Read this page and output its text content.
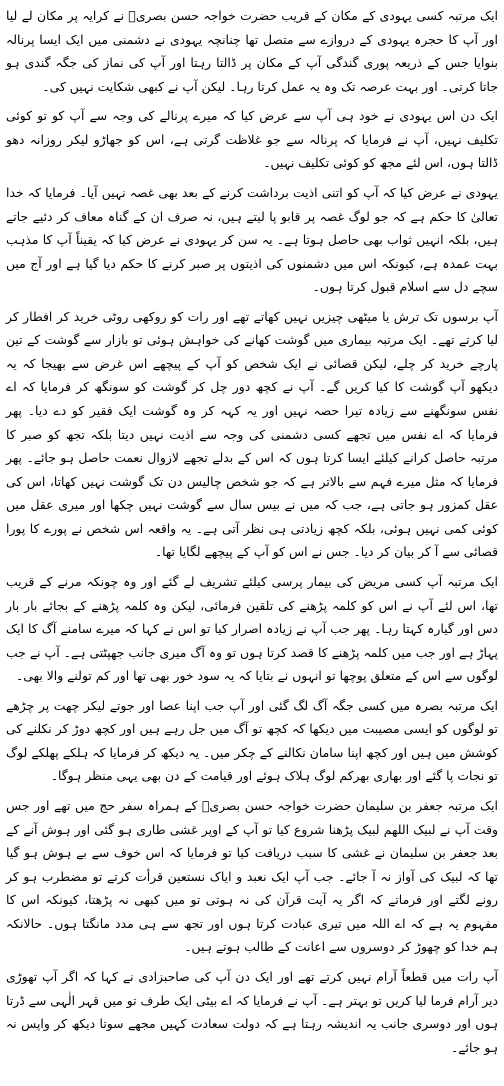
ایک مرتبہ کسی یہودی کے مکان کے قریب حضرت خواجہ حسن بصریؒ نے کرایہ پر مکان لے لیا اور آپ کا حجرہ یہودی کے دروازے سے متصل تھا چنانچہ یہودی نے دشمنی میں ایک ایسا پرنالہ بنوایا جس کے ذریعہ پوری گندگی آپ کے مکان پر ڈالتا رہتا اور آپ کی نماز کی جگہ گندی ہو جاتا کرتی۔ اور بہت عرصہ تک وہ یہ عمل کرتا رہا۔ لیکن آپ نے کبھی شکایت نہیں کی۔

ایک دن اس یہودی نے خود ہی آپ سے عرض کیا کہ میرے پرنالے کی وجہ سے آپ کو تو کوئی تکلیف نہیں، آپ نے فرمایا کہ پرنالہ سے جو غلاظت گرتی ہے، اس کو جھاڑو لیکر روزانہ دھو ڈالتا ہوں، اس لئے مجھ کو کوئی تکلیف نہیں۔

یہودی نے عرض کیا کہ آپ کو اتنی اذیت برداشت کرنے کے بعد بھی غصہ نہیں آیا۔ فرمایا کہ خدا تعالیٰ کا حکم ہے کہ جو لوگ غصہ پر قابو پا لیتے ہیں، نہ صرف ان کے گناہ معاف کر دئیے جاتے ہیں، بلکہ انہیں ثواب بھی حاصل ہوتا ہے۔ یہ سن کر یہودی نے عرض کیا کہ یقیناً آپ کا مذہب بہت عمدہ ہے، کیونکہ اس میں دشمنوں کی اذیتوں پر صبر کرنے کا حکم دیا گیا ہے اور آج میں سچے دل سے اسلام قبول کرتا ہوں۔

آپ برسوں تک ترش یا میٹھی چیزیں نہیں کھاتے تھے اور رات کو روکھی روٹی خرید کر افطار کر لیا کرتے تھے۔ ایک مرتبہ بیماری میں گوشت کھانے کی خواہش ہوئی تو بازار سے گوشت کے تین پارچے خرید کر چلے، لیکن قصائی نے ایک شخص کو آپ کے پیچھے اس غرض سے بھیجا کہ یہ دیکھو آپ گوشت کا کیا کریں گے۔ آپ نے کچھ دور چل کر گوشت کو سونگھ کر فرمایا کہ اے نفس سونگھنے سے زیادہ تیرا حصہ نہیں اور یہ کہہ کر وہ گوشت ایک فقیر کو دے دیا۔ پھر فرمایا کہ اے نفس میں تجھے کسی دشمنی کی وجہ سے اذیت نہیں دیتا بلکہ تجھ کو صبر کا مرتبہ حاصل کرانے کیلئے ایسا کرتا ہوں کہ اس کے بدلے تجھے لازوال نعمت حاصل ہو جائے۔ پھر فرمایا کہ مثل میرے فہم سے بالاتر ہے کہ جو شخص چالیس دن تک گوشت نہیں کھاتا، اس کی عقل کمزور ہو جاتی ہے، جب کہ میں نے بیس سال سے گوشت نہیں چکھا اور میری عقل میں کوئی کمی نہیں ہوئی، بلکہ کچھ زیادتی ہی نظر آتی ہے۔ یہ واقعہ اس شخص نے پورے کا پورا قصائی سے آ کر بیان کر دیا۔ جس نے اس کو آپ کے پیچھے لگایا تھا۔

ایک مرتبہ آپ کسی مریض کی بیمار پرسی کیلئے تشریف لے گئے اور وہ چونکہ مرنے کے قریب تھا، اس لئے آپ نے اس کو کلمہ پڑھنے کی تلقین فرمائی، لیکن وہ کلمہ پڑھنے کے بجائے بار بار دس اور گیارہ کہتا رہا۔ پھر جب آپ نے زیادہ اصرار کیا تو اس نے کہا کہ میرے سامنے آگ کا ایک پہاڑ ہے اور جب میں کلمہ پڑھنے کا قصد کرتا ہوں تو وہ آگ میری جانب جھپٹتی ہے۔ آپ نے جب لوگوں سے اس کے متعلق پوچھا تو انہوں نے بتایا کہ یہ سود خور بھی تھا اور کم تولنے والا بھی۔

ایک مرتبہ بصرہ میں کسی جگہ آگ لگ گئی اور آپ جب اپنا عصا اور جوتے لیکر چھت پر چڑھے تو لوگوں کو ایسی مصیبت میں دیکھا کہ کچھ تو آگ میں جل رہے ہیں اور کچھ دوڑ کر نکلنے کی کوشش میں ہیں اور کچھ اپنا سامان نکالنے کے چکر میں۔ یہ دیکھ کر فرمایا کہ ہلکے پھلکے لوگ تو نجات پا گئے اور بھاری بھرکم لوگ ہلاک ہوئے اور قیامت کے دن بھی یہی منظر ہوگا۔

ایک مرتبہ جعفر بن سلیمان حضرت خواجہ حسن بصریؒ کے ہمراہ سفر حج میں تھے اور جس وقت آپ نے لبیک اللھم لبیک پڑھنا شروع کیا تو آپ کے اوپر غشی طاری ہو گئی اور ہوش آنے کے بعد جعفر بن سلیمان نے غشی کا سبب دریافت کیا تو فرمایا کہ اس خوف سے بے ہوش ہو گیا تھا کہ لبیک کی آواز نہ آ جائے۔ جب آپ ایک نعبد و ایاک نستعین قرأت کرتے تو مضطرب ہو کر رونے لگتے اور فرماتے کہ اگر یہ آیت قرآن کی نہ ہوتی تو میں کبھی نہ پڑھتا، کیونکہ اس کا مفہوم یہ ہے کہ اے اللہ میں تیری عبادت کرتا ہوں اور تجھ سے ہی مدد مانگتا ہوں۔ حالانکہ ہم خدا کو چھوڑ کر دوسروں سے اعانت کے طالب ہوتے ہیں۔

آپ رات میں قطعاً آرام نہیں کرتے تھے اور ایک دن آپ کی صاحبزادی نے کہا کہ اگر آپ تھوڑی دیر آرام فرما لیا کریں تو بہتر ہے۔ آپ نے فرمایا کہ اے بیٹی ایک طرف تو میں قہر الٰہی سے ڈرتا ہوں اور دوسری جانب یہ اندیشہ رہتا ہے کہ دولت سعادت کہیں مجھے سوتا دیکھ کر واپس نہ ہو جائے۔
